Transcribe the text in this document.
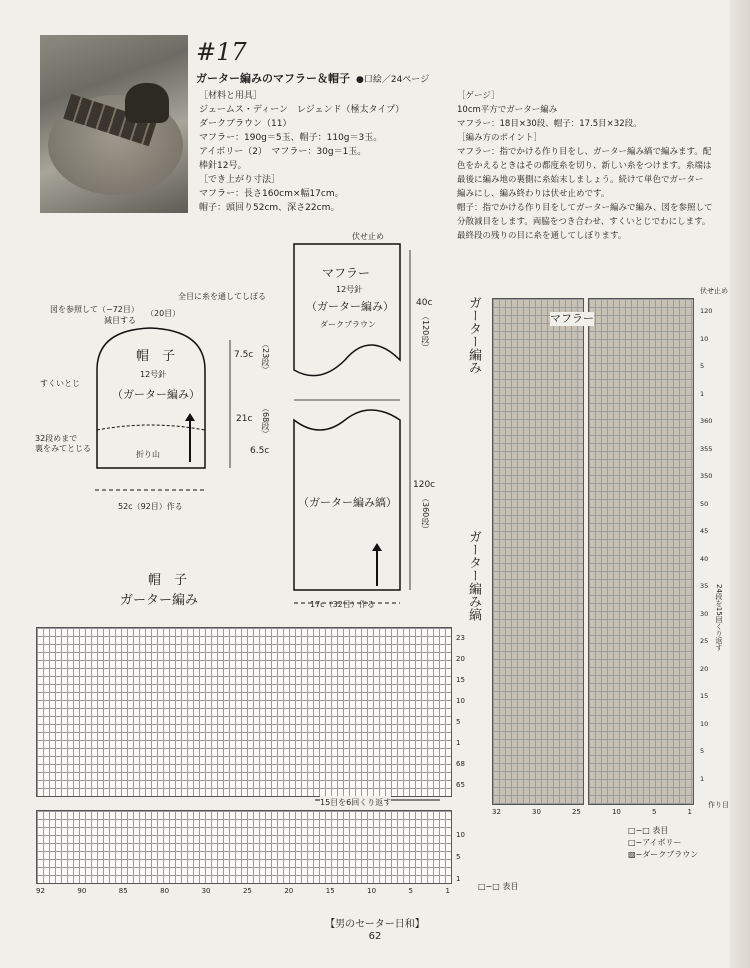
#17
ガーター編みのマフラー＆帽子 ●口絵／24ページ
［材料と用具］
ジェームス・ディーン　レジェンド（極太タイプ）
ダークブラウン（11）
マフラー：190g＝5玉、帽子：110g＝3玉。
アイボリー（2）　マフラー：30g＝1玉。
棒針12号。
［でき上がり寸法］
マフラー：長さ160cm×幅17cm。
帽子：頭回り52cm、深さ22cm。
［ゲージ］
10cm平方でガーター編み
マフラー：18目×30段、帽子：17.5目×32段。
［編み方のポイント］
マフラー：指でかける作り目をし、ガーター編み縞で編みます。配
色をかえるときはその都度糸を切り、新しい糸をつけます。糸端は
最後に編み地の裏側に糸始末しましょう。続けて単色でガーター
編みにし、編み終わりは伏せ止めです。
帽子：指でかける作り目をしてガーター編みで編み、図を参照して
分散減目をします。両脇をつき合わせ、すくいとじでわにします。
最終段の残りの目に糸を通してしぼります。
全目に糸を通してしぼる
図を参照して（−72目）
減目する
（20目）
帽　子
12号針
（ガーター編み）
すくいとじ
32段めまで
裏をみてとじる
折り山
7.5c （23段）
21c	（68段）
6.5c
52c（92目）作る
伏せ止め
マフラー
12号針
（ガーター編み）
ダークブラウン
40c
（120段）
（ガーター編み縞）
120c
（360段）
17c（32目）作る
帽　子
ガーター編み
15目を6回くり返す
23
20
15
10
5
1
68
65
10
5
1
92	90	85	80	30	25	20	15	10	5	1	□−□ 表目
ガーター編み
ガーター編み縞
マフラー
伏せ止め
120
10
5
1
360
355
350
50
45
40
35
30
25
20
15
10
5
1
24段を15回くり返す
作り目
32	30	25	10	5	1
□−□ 表目
□−アイボリー
▨−ダークブラウン
【男のセーター日和】
62
